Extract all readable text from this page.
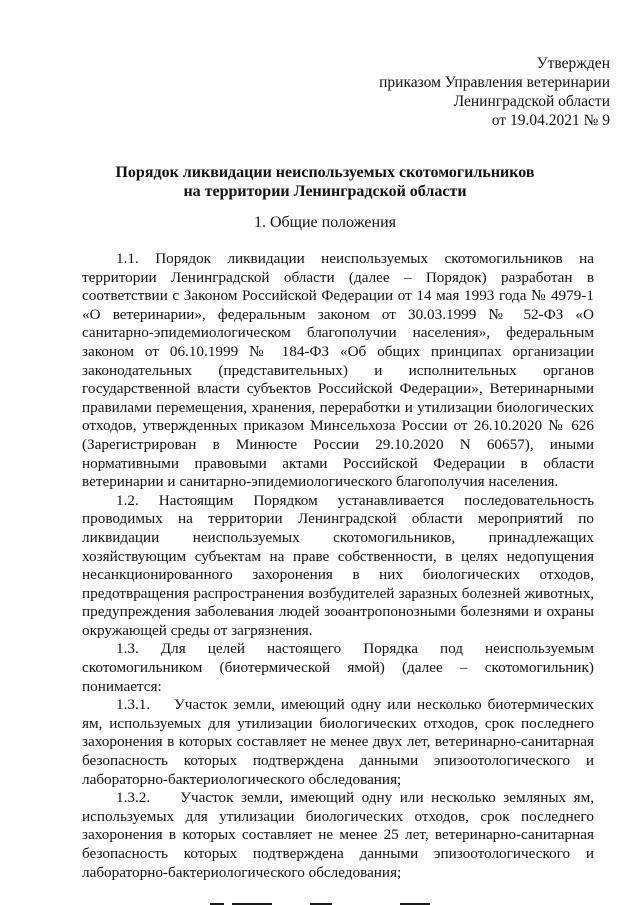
Утвержден
приказом Управления ветеринарии
Ленинградской области
от 19.04.2021 № 9
Порядок ликвидации неиспользуемых скотомогильников
на территории Ленинградской области
1. Общие положения

1.1. Порядок ликвидации неиспользуемых скотомогильников на территории Ленинградской области (далее – Порядок) разработан в соответствии с Законом Российской Федерации от 14 мая 1993 года № 4979-1 «О ветеринарии», федеральным законом от 30.03.1999 № 52-ФЗ «О санитарно-эпидемиологическом благополучии населения», федеральным законом от 06.10.1999 № 184-ФЗ «Об общих принципах организации законодательных (представительных) и исполнительных органов государственной власти субъектов Российской Федерации», Ветеринарными правилами перемещения, хранения, переработки и утилизации биологических отходов, утвержденных приказом Минсельхоза России от 26.10.2020 № 626 (Зарегистрирован в Минюсте России 29.10.2020 N 60657), иными нормативными правовыми актами Российской Федерации в области ветеринарии и санитарно-эпидемиологического благополучия населения.

1.2. Настоящим Порядком устанавливается последовательность проводимых на территории Ленинградской области мероприятий по ликвидации неиспользуемых скотомогильников, принадлежащих хозяйствующим субъектам на праве собственности, в целях недопущения несанкционированного захоронения в них биологических отходов, предотвращения распространения возбудителей заразных болезней животных, предупреждения заболевания людей зооантропонозными болезнями и охраны окружающей среды от загрязнения.

1.3. Для целей настоящего Порядка под неиспользуемым скотомогильником (биотермической ямой) (далее – скотомогильник) понимается:

1.3.1. Участок земли, имеющий одну или несколько биотермических ям, используемых для утилизации биологических отходов, срок последнего захоронения в которых составляет не менее двух лет, ветеринарно-санитарная безопасность которых подтверждена данными эпизоотологического и лабораторно-бактериологического обследования;

1.3.2. Участок земли, имеющий одну или несколько земляных ям, используемых для утилизации биологических отходов, срок последнего захоронения в которых составляет не менее 25 лет, ветеринарно-санитарная безопасность которых подтверждена данными эпизоотологического и лабораторно-бактериологического обследования;
